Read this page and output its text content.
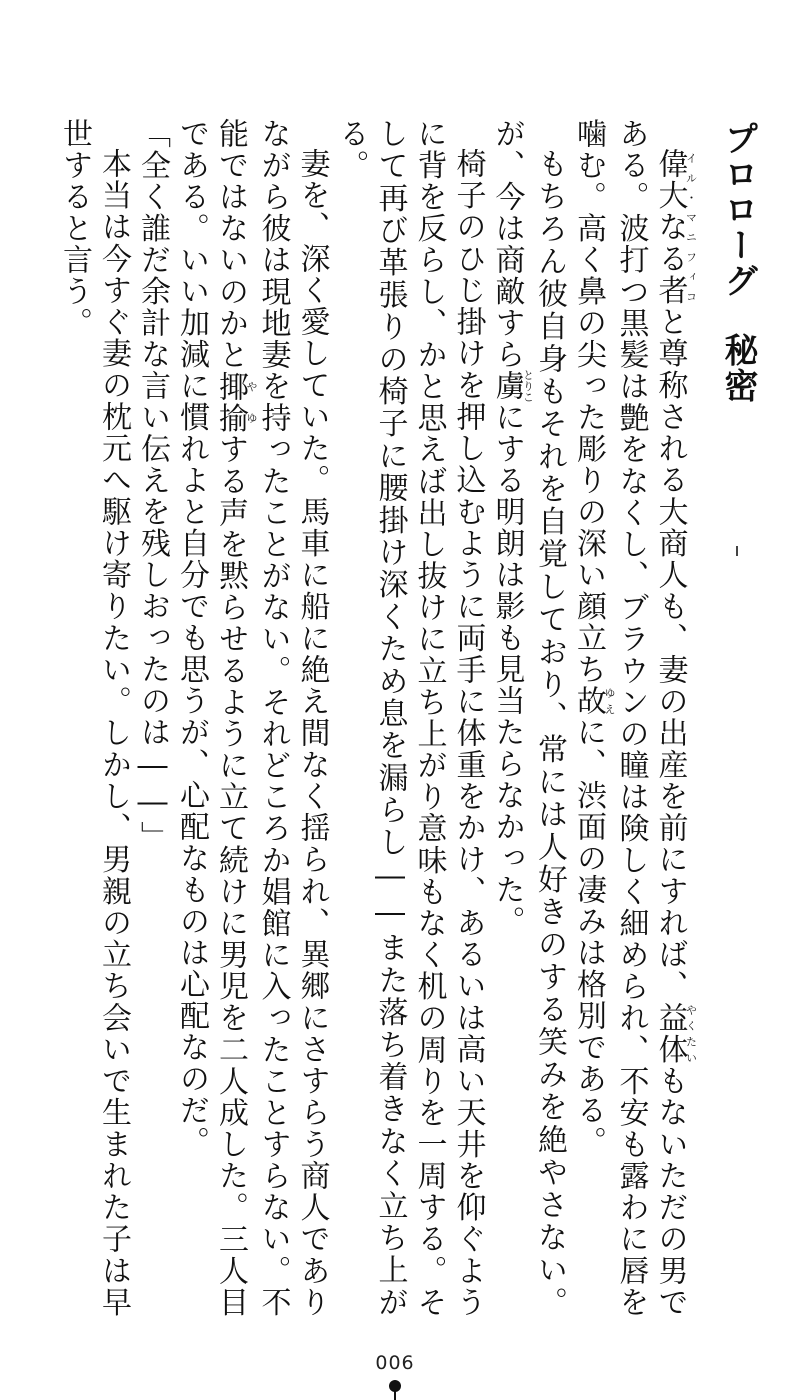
プロローグ秘密

偉大なる者イル・マニフィコと尊称される大商人も、妻の出産を前にすれば、益体やくたいもないただの男である。波打つ黒髪は艶をなくし、ブラウンの瞳は険しく細められ、不安も露わに唇を噛む。高く鼻の尖った彫りの深い顔立ち故ゆえに、渋面の凄みは格別である。

もちろん彼自身もそれを自覚しており、常には人好きのする笑みを絶やさない。が、今は商敵すら虜とりこにする明朗は影も見当たらなかった。

椅子のひじ掛けを押し込むように両手に体重をかけ、あるいは高い天井を仰ぐように背を反らし、かと思えば出し抜けに立ち上がり意味もなく机の周りを一周する。そして再び革張りの椅子に腰掛け深くため息を漏らし――また落ち着きなく立ち上がる。

妻を、深く愛していた。馬車に船に絶え間なく揺られ、異郷にさすらう商人でありながら彼は現地妻を持ったことがない。それどころか娼館に入ったことすらない。不能ではないのかと揶揄やゆする声を黙らせるように立て続けに男児を二人成した。三人目である。いい加減に慣れよと自分でも思うが、心配なものは心配なのだ。

「全く誰だ余計な言い伝えを残しおったのは――」

本当は今すぐ妻の枕元へ駆け寄りたい。しかし、男親の立ち会いで生まれた子は早世すると言う。

006
